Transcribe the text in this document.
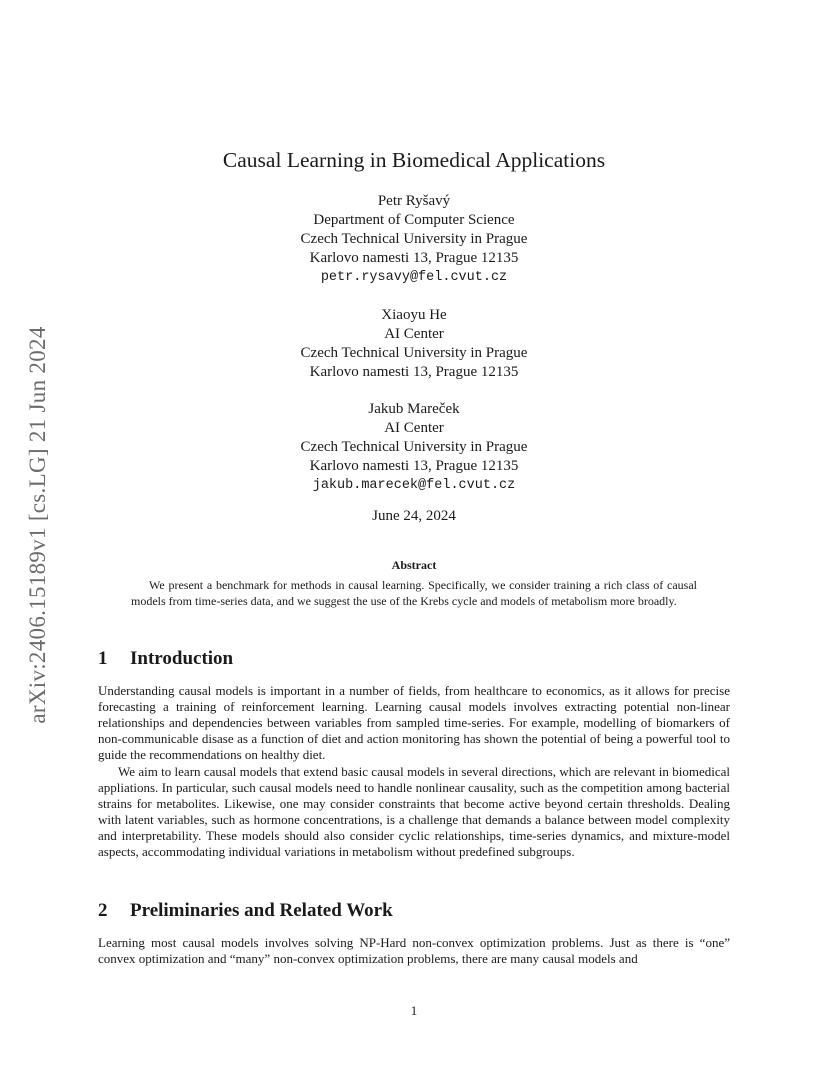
arXiv:2406.15189v1 [cs.LG] 21 Jun 2024
Causal Learning in Biomedical Applications
Petr Ryšavý
Department of Computer Science
Czech Technical University in Prague
Karlovo namesti 13, Prague 12135
petr.rysavy@fel.cvut.cz
Xiaoyu He
AI Center
Czech Technical University in Prague
Karlovo namesti 13, Prague 12135
Jakub Mareček
AI Center
Czech Technical University in Prague
Karlovo namesti 13, Prague 12135
jakub.marecek@fel.cvut.cz
June 24, 2024
Abstract

We present a benchmark for methods in causal learning. Specifically, we consider training a rich class of causal models from time-series data, and we suggest the use of the Krebs cycle and models of metabolism more broadly.

1 Introduction

Understanding causal models is important in a number of fields, from healthcare to economics, as it allows for precise forecasting a training of reinforcement learning. Learning causal models involves extracting potential non-linear relationships and dependencies between variables from sampled time-series. For example, modelling of biomarkers of non-communicable disase as a function of diet and action monitoring has shown the potential of being a powerful tool to guide the recommendations on healthy diet.

We aim to learn causal models that extend basic causal models in several directions, which are relevant in biomedical appliations. In particular, such causal models need to handle nonlinear causality, such as the competition among bacterial strains for metabolites. Likewise, one may consider constraints that become active beyond certain thresholds. Dealing with latent variables, such as hormone concentrations, is a challenge that demands a balance between model complexity and interpretability. These models should also consider cyclic relationships, time-series dynamics, and mixture-model aspects, accommodating individual variations in metabolism without predefined subgroups.

2 Preliminaries and Related Work

Learning most causal models involves solving NP-Hard non-convex optimization problems. Just as there is “one” convex optimization and “many” non-convex optimization problems, there are many causal models and

1
